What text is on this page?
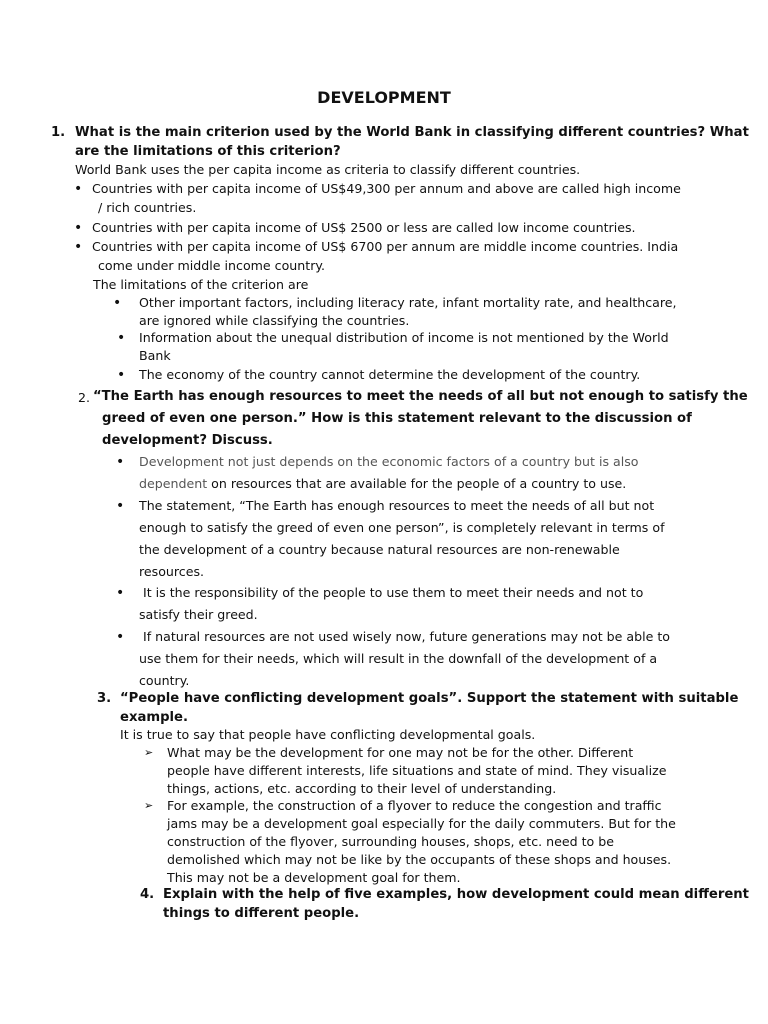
DEVELOPMENT
1. What is the main criterion used by the World Bank in classifying different countries? What
are the limitations of this criterion?
World Bank uses the per capita income as criteria to classify different countries.
• Countries with per capita income of US$49,300 per annum and above are called high income
/ rich countries.
• Countries with per capita income of US$ 2500 or less are called low income countries.
• Countries with per capita income of US$ 6700 per annum are middle income countries. India
come under middle income country.
The limitations of the criterion are
• Other important factors, including literacy rate, infant mortality rate, and healthcare,
are ignored while classifying the countries.
• Information about the unequal distribution of income is not mentioned by the World
Bank
• The economy of the country cannot determine the development of the country.
2. “The Earth has enough resources to meet the needs of all but not enough to satisfy the
greed of even one person.” How is this statement relevant to the discussion of
development? Discuss.
• Development not just depends on the economic factors of a country but is also
dependent on resources that are available for the people of a country to use.
• The statement, “The Earth has enough resources to meet the needs of all but not
enough to satisfy the greed of even one person”, is completely relevant in terms of
the development of a country because natural resources are non-renewable
resources.
• It is the responsibility of the people to use them to meet their needs and not to
satisfy their greed.
• If natural resources are not used wisely now, future generations may not be able to
use them for their needs, which will result in the downfall of the development of a
country.
3. “People have conflicting development goals”. Support the statement with suitable
example.
It is true to say that people have conflicting developmental goals.
➢ What may be the development for one may not be for the other. Different
people have different interests, life situations and state of mind. They visualize
things, actions, etc. according to their level of understanding.
➢ For example, the construction of a flyover to reduce the congestion and traffic
jams may be a development goal especially for the daily commuters. But for the
construction of the flyover, surrounding houses, shops, etc. need to be
demolished which may not be like by the occupants of these shops and houses.
This may not be a development goal for them.
4. Explain with the help of five examples, how development could mean different
things to different people.
